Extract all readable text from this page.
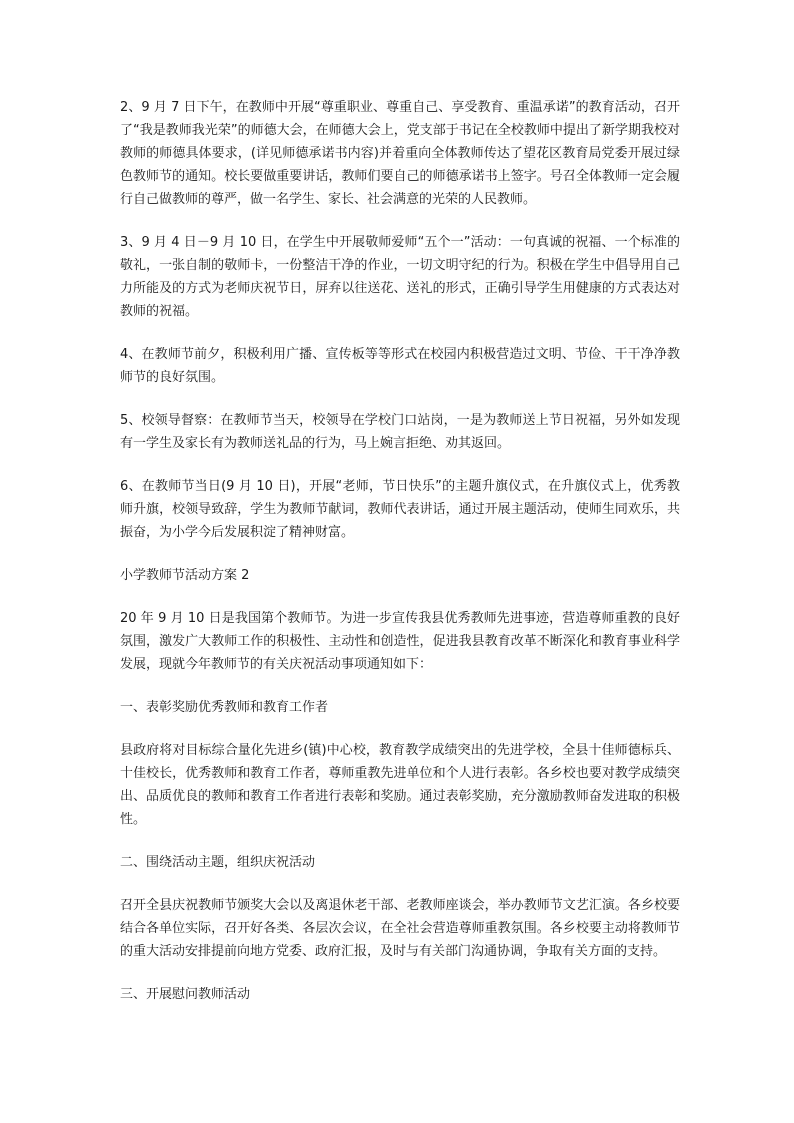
2、9 月 7 日下午，在教师中开展“尊重职业、尊重自己、享受教育、重温承诺”的教育活动，召开了“我是教师我光荣”的师德大会，在师德大会上，党支部于书记在全校教师中提出了新学期我校对教师的师德具体要求，(详见师德承诺书内容)并着重向全体教师传达了望花区教育局党委开展过绿色教师节的通知。校长要做重要讲话，教师们要自己的师德承诺书上签字。号召全体教师一定会履行自己做教师的尊严，做一名学生、家长、社会满意的光荣的人民教师。

3、9 月 4 日－9 月 10 日，在学生中开展敬师爱师“五个一”活动：一句真诚的祝福、一个标准的敬礼，一张自制的敬师卡，一份整洁干净的作业，一切文明守纪的行为。积极在学生中倡导用自己力所能及的方式为老师庆祝节日，屏弃以往送花、送礼的形式，正确引导学生用健康的方式表达对教师的祝福。

4、在教师节前夕，积极利用广播、宣传板等等形式在校园内积极营造过文明、节俭、干干净净教师节的良好氛围。

5、校领导督察：在教师节当天，校领导在学校门口站岗，一是为教师送上节日祝福，另外如发现有一学生及家长有为教师送礼品的行为，马上婉言拒绝、劝其返回。

6、在教师节当日(9 月 10 日)，开展“老师，节日快乐”的主题升旗仪式，在升旗仪式上，优秀教师升旗，校领导致辞，学生为教师节献词，教师代表讲话，通过开展主题活动，使师生同欢乐，共振奋，为小学今后发展积淀了精神财富。

小学教师节活动方案 2

20 年 9 月 10 日是我国第个教师节。为进一步宣传我县优秀教师先进事迹，营造尊师重教的良好氛围，激发广大教师工作的积极性、主动性和创造性，促进我县教育改革不断深化和教育事业科学发展，现就今年教师节的有关庆祝活动事项通知如下：

一、表彰奖励优秀教师和教育工作者

县政府将对目标综合量化先进乡(镇)中心校，教育教学成绩突出的先进学校，全县十佳师德标兵、十佳校长，优秀教师和教育工作者，尊师重教先进单位和个人进行表彰。各乡校也要对教学成绩突出、品质优良的教师和教育工作者进行表彰和奖励。通过表彰奖励，充分激励教师奋发进取的积极性。

二、围绕活动主题，组织庆祝活动

召开全县庆祝教师节颁奖大会以及离退休老干部、老教师座谈会，举办教师节文艺汇演。各乡校要结合各单位实际，召开好各类、各层次会议，在全社会营造尊师重教氛围。各乡校要主动将教师节的重大活动安排提前向地方党委、政府汇报，及时与有关部门沟通协调，争取有关方面的支持。

三、开展慰问教师活动
